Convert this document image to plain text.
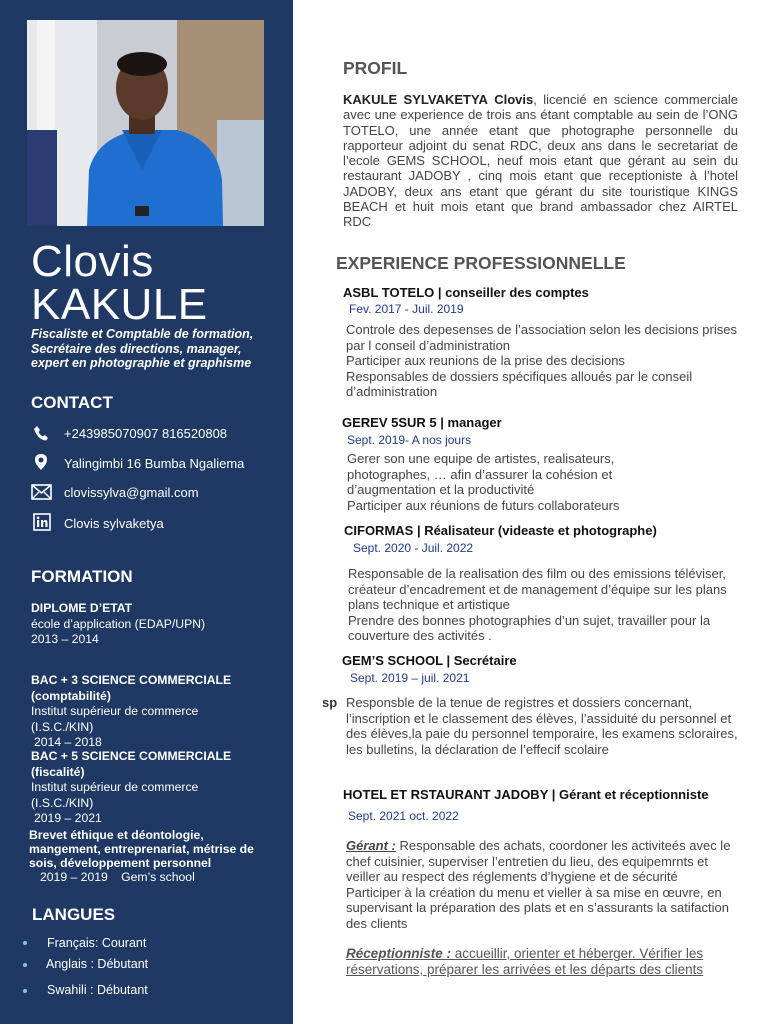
Clovis
KAKULE
Fiscaliste et Comptable de formation, Secrétaire des directions, manager, expert en photographie et graphisme
CONTACT
+243985070907 816520808
Yalingimbi 16 Bumba Ngaliema
clovissylva@gmail.com
Clovis sylvaketya
FORMATION
DIPLOME D’ETAT
école d’application (EDAP/UPN)
2013 – 2014
BAC + 3 SCIENCE COMMERCIALE (comptabilité)
Institut supérieur de commerce (I.S.C./KIN)
2014 – 2018
BAC + 5 SCIENCE COMMERCIALE (fiscalité)
Institut supérieur de commerce (I.S.C./KIN)
2019 – 2021
Brevet éthique et déontologie, mangement, entreprenariat, métrise de sois, développement personnel
2019 – 2019 Gem’s school
LANGUES
Français: Courant
Anglais : Débutant
Swahili : Débutant
PROFIL
KAKULE SYLVAKETYA Clovis, licencié en science commerciale avec une experience de trois ans étant comptable au sein de l’ONG TOTELO, une année etant que photographe personnelle du rapporteur adjoint du senat RDC, deux ans dans le secretariat de l’ecole GEMS SCHOOL, neuf mois etant que gérant au sein du restaurant JADOBY , cinq mois etant que receptioniste à l’hotel JADOBY, deux ans etant que gérant du site touristique KINGS BEACH et huit mois etant que brand ambassador chez AIRTEL RDC
EXPERIENCE PROFESSIONNELLE
ASBL TOTELO | conseiller des comptes
Fev. 2017 - Juil. 2019
Controle des depesenses de l’association selon les decisions prises par l conseil d’administration
Participer aux reunions de la prise des decisions
Responsables de dossiers spécifiques alloués par le conseil d’administration
GEREV 5SUR 5 | manager
Sept. 2019- A nos jours
Gerer son une equipe de artistes, realisateurs, photographes, … afin d’assurer la cohésion et d’augmentation et la productivité
Participer aux réunions de futurs collaborateurs
CIFORMAS | Réalisateur (videaste et photographe)
Sept. 2020 - Juil. 2022
Responsable de la realisation des film ou des emissions téléviser, créateur d’encadrement et de management d’équipe sur les plans plans technique et artistique
Prendre des bonnes photographies d’un sujet, travailler pour la couverture des activités .
GEM’S SCHOOL | Secrétaire
Sept. 2019 – juil. 2021
sp Responsble de la tenue de registres et dossiers concernant, l’inscription et le classement des élèves, l’assiduité du personnel et des élèves,la paie du personnel temporaire, les examens scloraires, les bulletins, la déclaration de l’effecif scolaire
HOTEL ET RSTAURANT JADOBY | Gérant et réceptionniste
Sept. 2021 oct. 2022
Gérant : Responsable des achats, coordoner les activiteés avec le chef cuisinier, superviser l’entretien du lieu, des equipemrnts et veiller au respect des réglements d’hygiene et de sécurité
Participer à la création du menu et vieller à sa mise en œuvre, en supervisant la préparation des plats et en s’assurants la satifaction des clients
Réceptionniste : accueillir, orienter et héberger. Vérifier les réservations, préparer les arrivées et les départs des clients
